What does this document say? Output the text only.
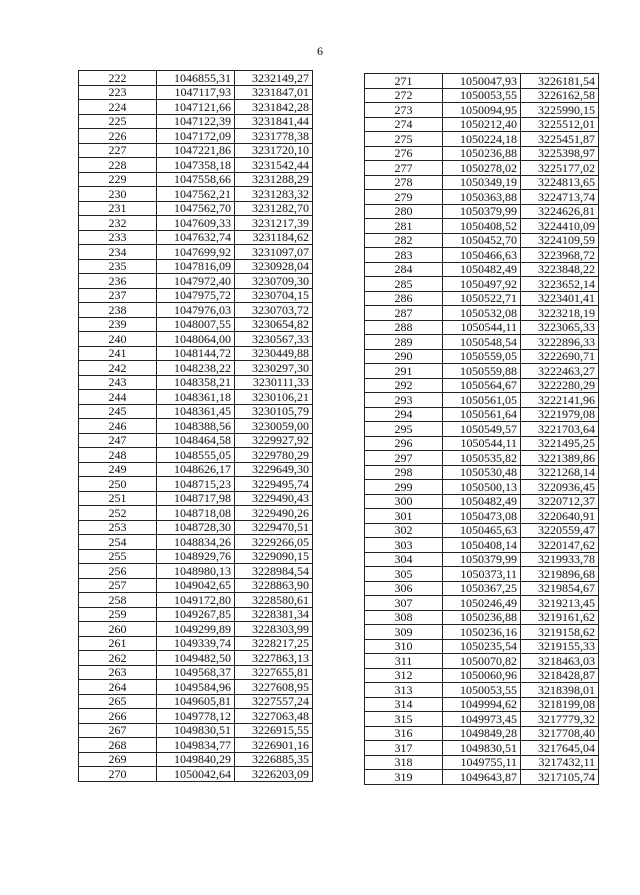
6
222	1046855,31	3232149,27
223	1047117,93	3231847,01
224	1047121,66	3231842,28
225	1047122,39	3231841,44
226	1047172,09	3231778,38
227	1047221,86	3231720,10
228	1047358,18	3231542,44
229	1047558,66	3231288,29
230	1047562,21	3231283,32
231	1047562,70	3231282,70
232	1047609,33	3231217,39
233	1047632,74	3231184,62
234	1047699,92	3231097,07
235	1047816,09	3230928,04
236	1047972,40	3230709,30
237	1047975,72	3230704,15
238	1047976,03	3230703,72
239	1048007,55	3230654,82
240	1048064,00	3230567,33
241	1048144,72	3230449,88
242	1048238,22	3230297,30
243	1048358,21	3230111,33
244	1048361,18	3230106,21
245	1048361,45	3230105,79
246	1048388,56	3230059,00
247	1048464,58	3229927,92
248	1048555,05	3229780,29
249	1048626,17	3229649,30
250	1048715,23	3229495,74
251	1048717,98	3229490,43
252	1048718,08	3229490,26
253	1048728,30	3229470,51
254	1048834,26	3229266,05
255	1048929,76	3229090,15
256	1048980,13	3228984,54
257	1049042,65	3228863,90
258	1049172,80	3228580,61
259	1049267,85	3228381,34
260	1049299,89	3228303,99
261	1049339,74	3228217,25
262	1049482,50	3227863,13
263	1049568,37	3227655,81
264	1049584,96	3227608,95
265	1049605,81	3227557,24
266	1049778,12	3227063,48
267	1049830,51	3226915,55
268	1049834,77	3226901,16
269	1049840,29	3226885,35
270	1050042,64	3226203,09
271	1050047,93	3226181,54
272	1050053,55	3226162,58
273	1050094,95	3225990,15
274	1050212,40	3225512,01
275	1050224,18	3225451,87
276	1050236,88	3225398,97
277	1050278,02	3225177,02
278	1050349,19	3224813,65
279	1050363,88	3224713,74
280	1050379,99	3224626,81
281	1050408,52	3224410,09
282	1050452,70	3224109,59
283	1050466,63	3223968,72
284	1050482,49	3223848,22
285	1050497,92	3223652,14
286	1050522,71	3223401,41
287	1050532,08	3223218,19
288	1050544,11	3223065,33
289	1050548,54	3222896,33
290	1050559,05	3222690,71
291	1050559,88	3222463,27
292	1050564,67	3222280,29
293	1050561,05	3222141,96
294	1050561,64	3221979,08
295	1050549,57	3221703,64
296	1050544,11	3221495,25
297	1050535,82	3221389,86
298	1050530,48	3221268,14
299	1050500,13	3220936,45
300	1050482,49	3220712,37
301	1050473,08	3220640,91
302	1050465,63	3220559,47
303	1050408,14	3220147,62
304	1050379,99	3219933,78
305	1050373,11	3219896,68
306	1050367,25	3219854,67
307	1050246,49	3219213,45
308	1050236,88	3219161,62
309	1050236,16	3219158,62
310	1050235,54	3219155,33
311	1050070,82	3218463,03
312	1050060,96	3218428,87
313	1050053,55	3218398,01
314	1049994,62	3218199,08
315	1049973,45	3217779,32
316	1049849,28	3217708,40
317	1049830,51	3217645,04
318	1049755,11	3217432,11
319	1049643,87	3217105,74
